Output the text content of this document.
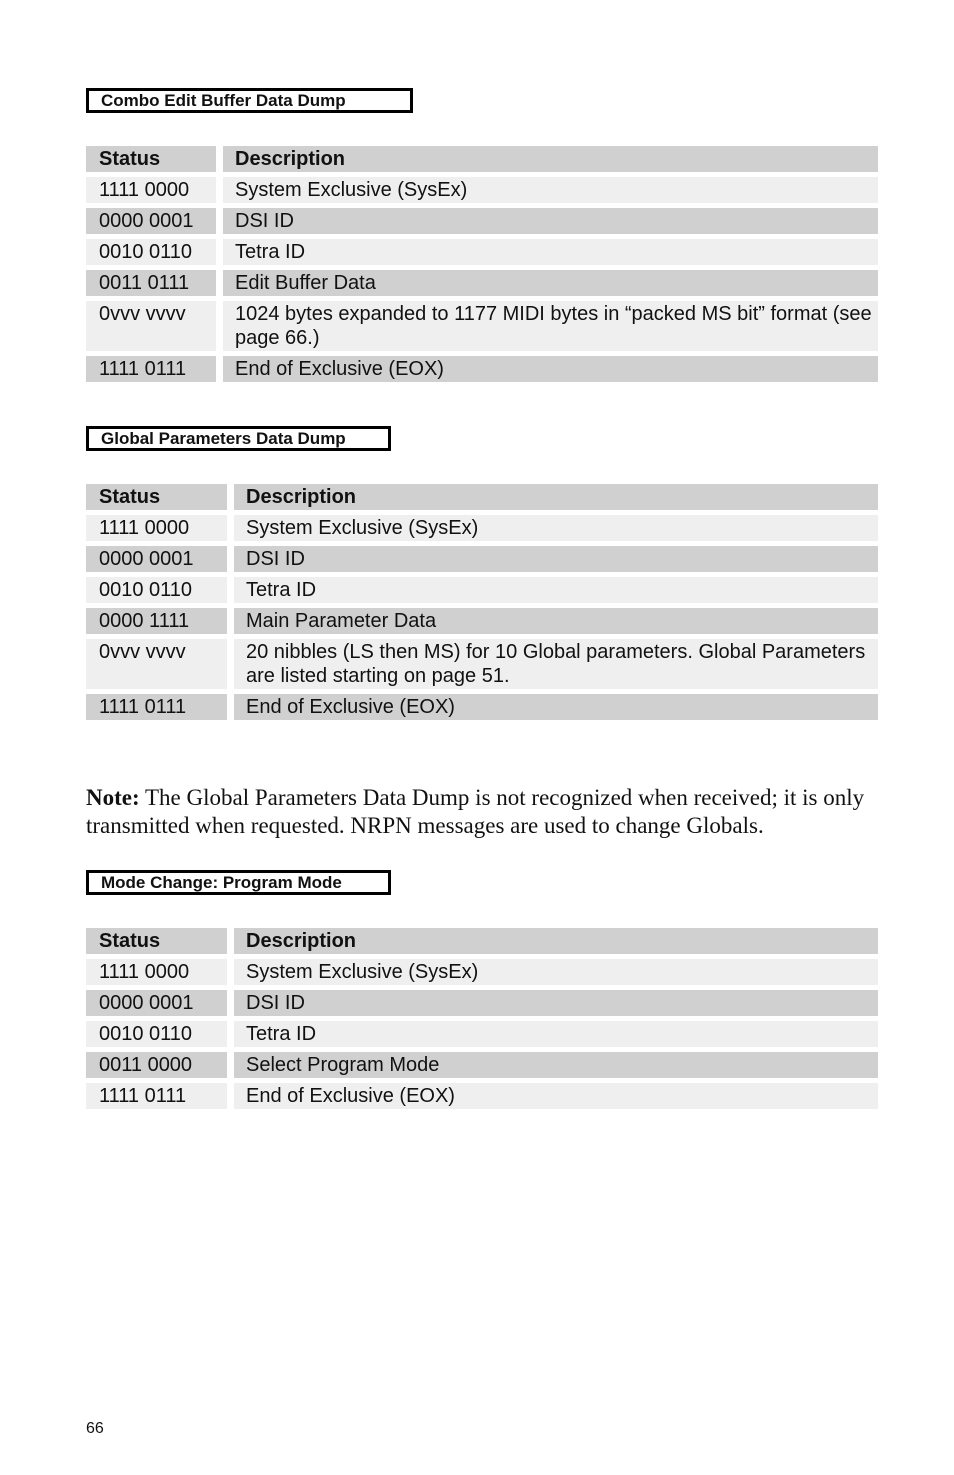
Combo Edit Buffer Data Dump
Status		Description

1111 0000		System Exclusive (SysEx)

0000 0001		DSI ID

0010 0110		Tetra ID

0011 0111		Edit Buffer Data

0vvv vvvv		1024 bytes expanded to 1177 MIDI bytes in “packed MS bit” format (see page 66.)

1111 0111		End of Exclusive (EOX)
Global Parameters Data Dump
Status		Description

1111 0000		System Exclusive (SysEx)

0000 0001		DSI ID

0010 0110		Tetra ID

0000 1111		Main Parameter Data

0vvv vvvv		20 nibbles (LS then MS) for 10 Global parameters. Global Parameters are listed starting on page 51.

1111 0111		End of Exclusive (EOX)
Note: The Global Parameters Data Dump is not recognized when received; it is only transmitted when requested. NRPN messages are used to change Globals.
Mode Change: Program Mode
Status		Description

1111 0000		System Exclusive (SysEx)

0000 0001		DSI ID

0010 0110		Tetra ID

0011 0000		Select Program Mode

1111 0111		End of Exclusive (EOX)
66
